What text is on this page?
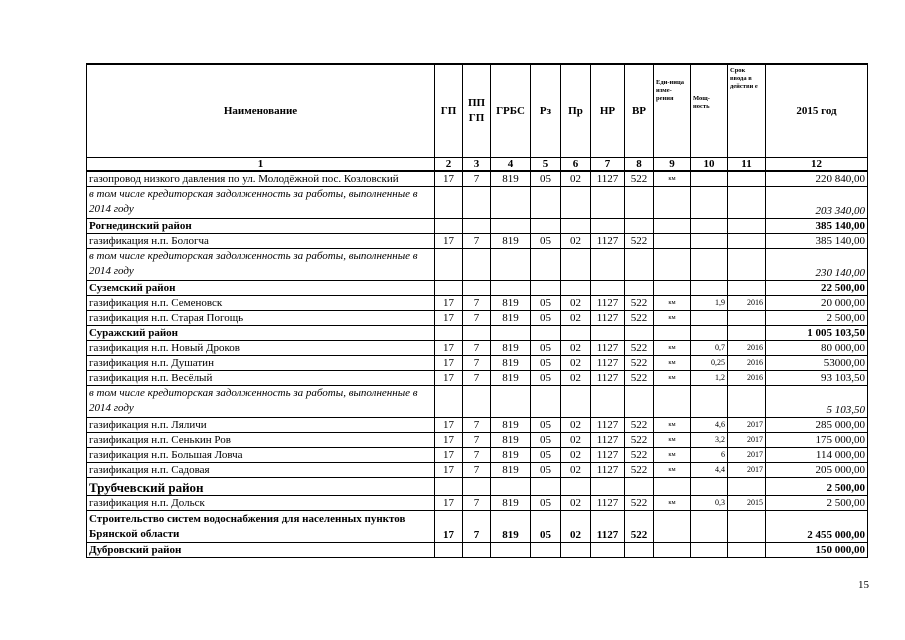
Наименование	ГП	ПП ГП	ГРБС	Рз	Пр	НР	ВР	Еди-ница изме-рения	Мощ-ность	Срок ввода в действи е	2015 год
1	2	3	4	5	6	7	8	9	10	11	12
газопровод низкого давления по ул. Молодёжной пос. Козловский	17	7	819	05	02	1127	522	км			220 840,00
в том числе кредиторская задолженность за работы, выполненные в 2014 году											203 340,00
Рогнединский район											385 140,00
газификация н.п. Бологча	17	7	819	05	02	1127	522				385 140,00
в том числе кредиторская задолженность за работы, выполненные в 2014 году											230 140,00
Суземский район											22 500,00
газификация н.п. Семеновск	17	7	819	05	02	1127	522	км	1,9	2016	20 000,00
газификация н.п. Старая Погощь	17	7	819	05	02	1127	522	км			2 500,00
Суражский район											1 005 103,50
газификация н.п. Новый Дроков	17	7	819	05	02	1127	522	км	0,7	2016	80 000,00
газификация н.п. Душатин	17	7	819	05	02	1127	522	км	0,25	2016	53000,00
газификация н.п. Весёлый	17	7	819	05	02	1127	522	км	1,2	2016	93 103,50
в том числе кредиторская задолженность за работы, выполненные в 2014 году											5 103,50
газификация н.п. Ляличи	17	7	819	05	02	1127	522	км	4,6	2017	285 000,00
газификация н.п. Сенькин Ров	17	7	819	05	02	1127	522	км	3,2	2017	175 000,00
газификация н.п. Большая Ловча	17	7	819	05	02	1127	522	км	6	2017	114 000,00
газификация н.п. Садовая	17	7	819	05	02	1127	522	км	4,4	2017	205 000,00
Трубчевский район											2 500,00
газификация н.п. Дольск	17	7	819	05	02	1127	522	км	0,3	2015	2 500,00
Строительство систем водоснабжения для населенных пунктов Брянской области	17	7	819	05	02	1127	522				2 455 000,00
Дубровский район											150 000,00
15
